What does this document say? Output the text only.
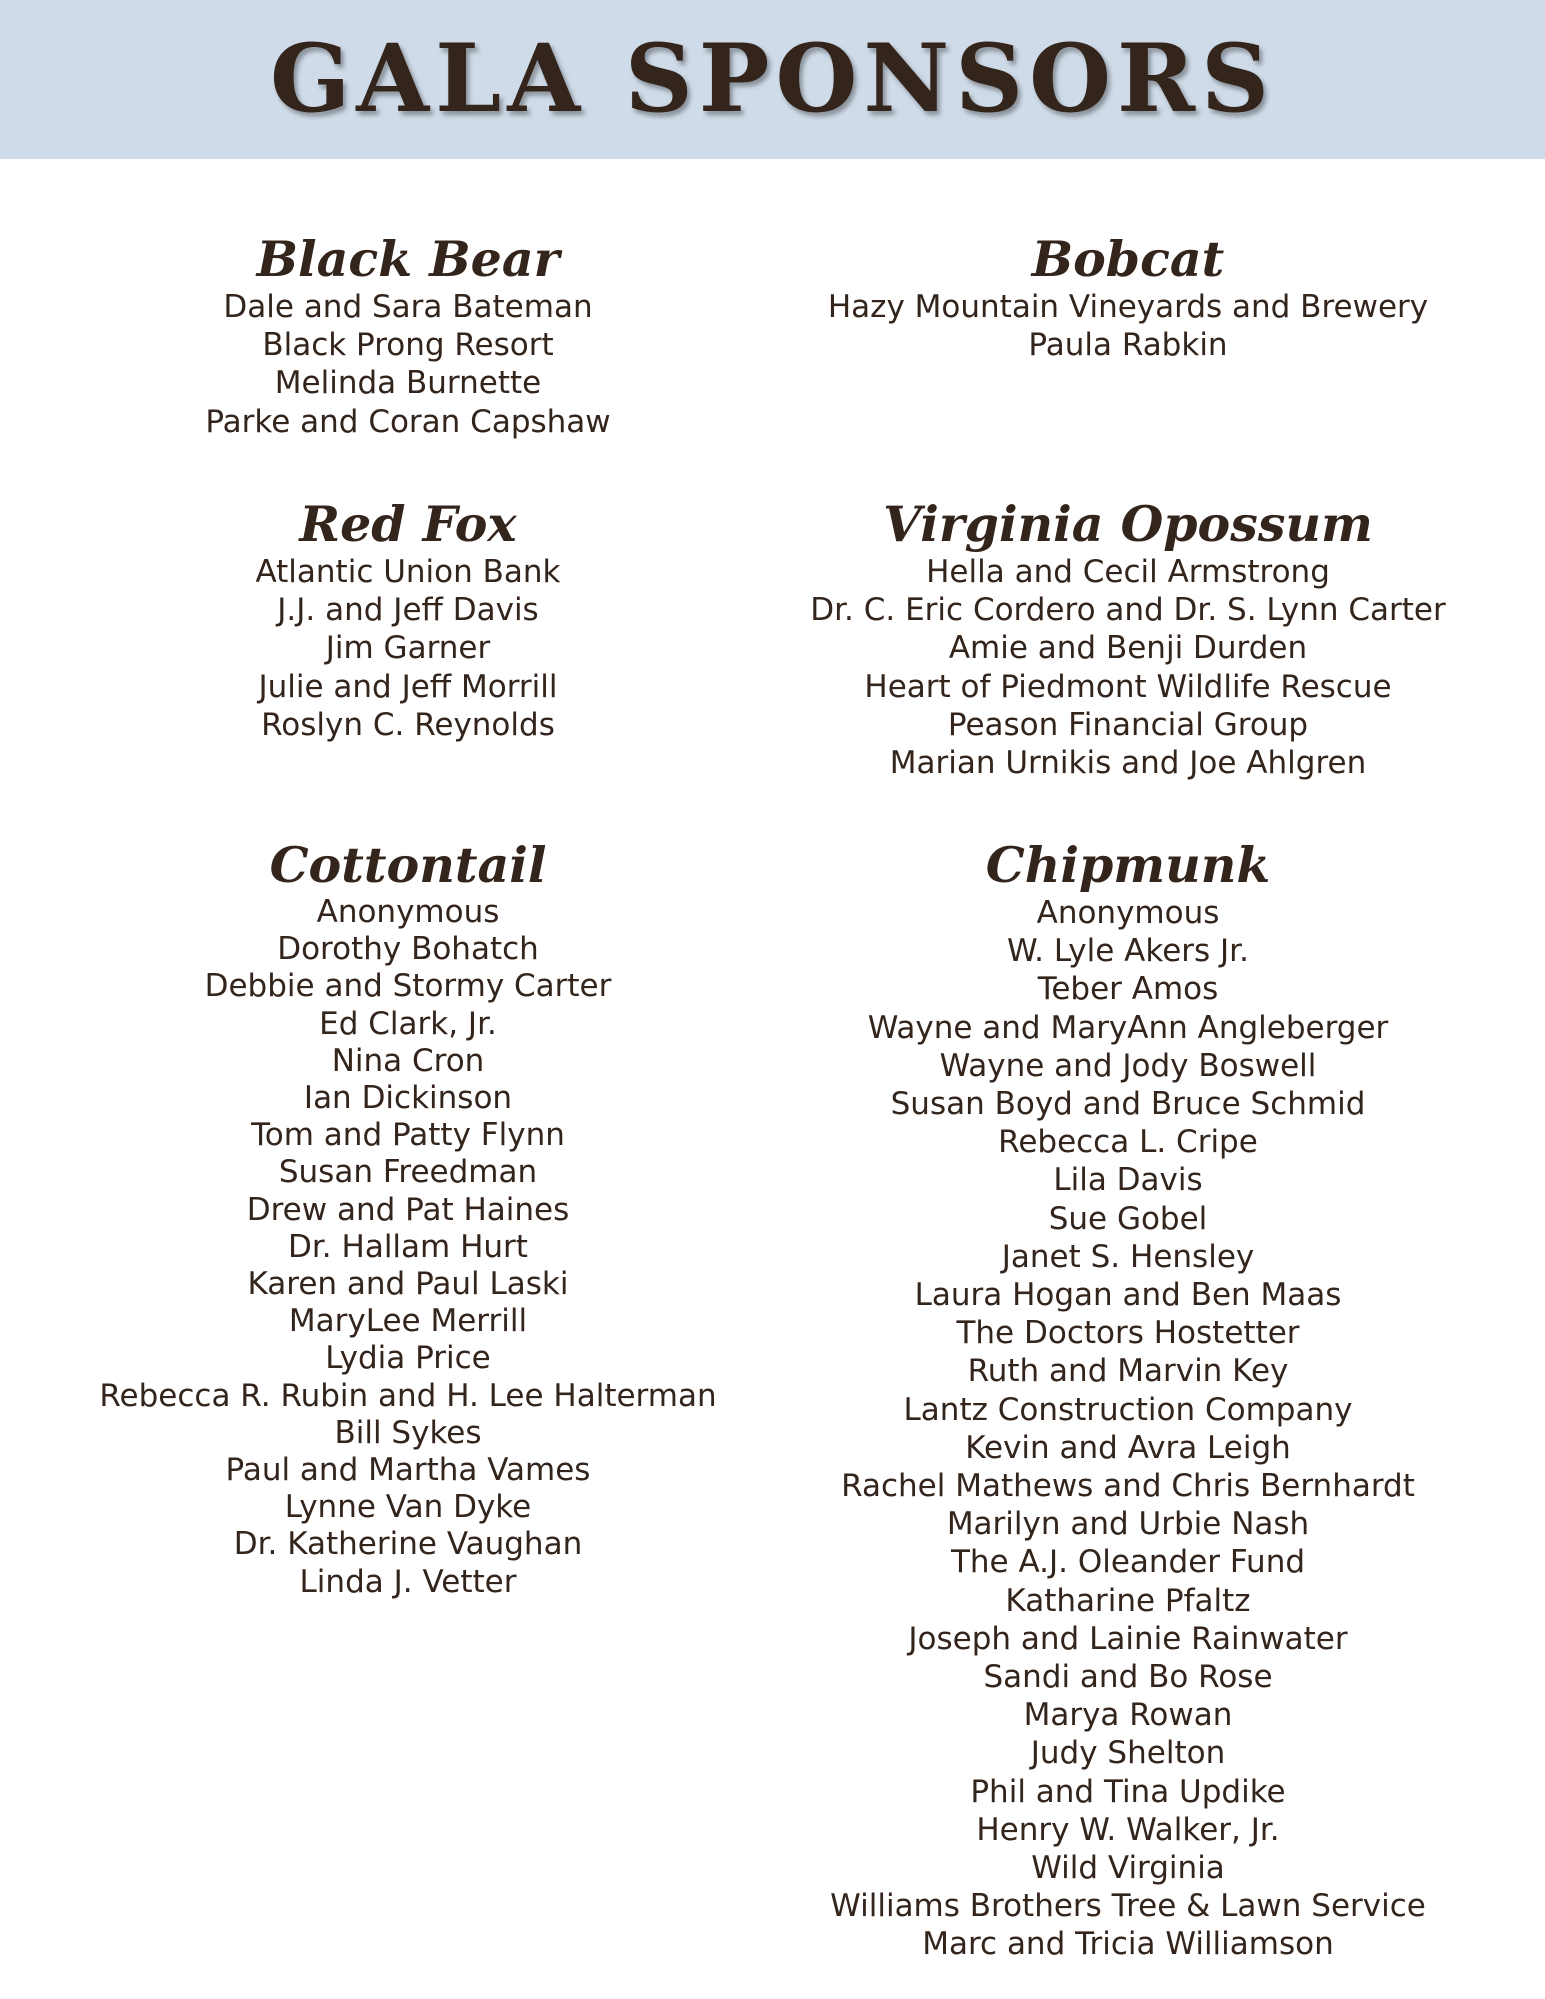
GALA SPONSORS
Black Bear
Dale and Sara Bateman
Black Prong Resort
Melinda Burnette
Parke and Coran Capshaw
Bobcat
Hazy Mountain Vineyards and Brewery
Paula Rabkin
Red Fox
Atlantic Union Bank
J.J. and Jeff Davis
Jim Garner
Julie and Jeff Morrill
Roslyn C. Reynolds
Virginia Opossum
Hella and Cecil Armstrong
Dr. C. Eric Cordero and Dr. S. Lynn Carter
Amie and Benji Durden
Heart of Piedmont Wildlife Rescue
Peason Financial Group
Marian Urnikis and Joe Ahlgren
Cottontail
Anonymous
Dorothy Bohatch
Debbie and Stormy Carter
Ed Clark, Jr.
Nina Cron
Ian Dickinson
Tom and Patty Flynn
Susan Freedman
Drew and Pat Haines
Dr. Hallam Hurt
Karen and Paul Laski
MaryLee Merrill
Lydia Price
Rebecca R. Rubin and H. Lee Halterman
Bill Sykes
Paul and Martha Vames
Lynne Van Dyke
Dr. Katherine Vaughan
Linda J. Vetter
Chipmunk
Anonymous
W. Lyle Akers Jr.
Teber Amos
Wayne and MaryAnn Angleberger
Wayne and Jody Boswell
Susan Boyd and Bruce Schmid
Rebecca L. Cripe
Lila Davis
Sue Gobel
Janet S. Hensley
Laura Hogan and Ben Maas
The Doctors Hostetter
Ruth and Marvin Key
Lantz Construction Company
Kevin and Avra Leigh
Rachel Mathews and Chris Bernhardt
Marilyn and Urbie Nash
The A.J. Oleander Fund
Katharine Pfaltz
Joseph and Lainie Rainwater
Sandi and Bo Rose
Marya Rowan
Judy Shelton
Phil and Tina Updike
Henry W. Walker, Jr.
Wild Virginia
Williams Brothers Tree & Lawn Service
Marc and Tricia Williamson
